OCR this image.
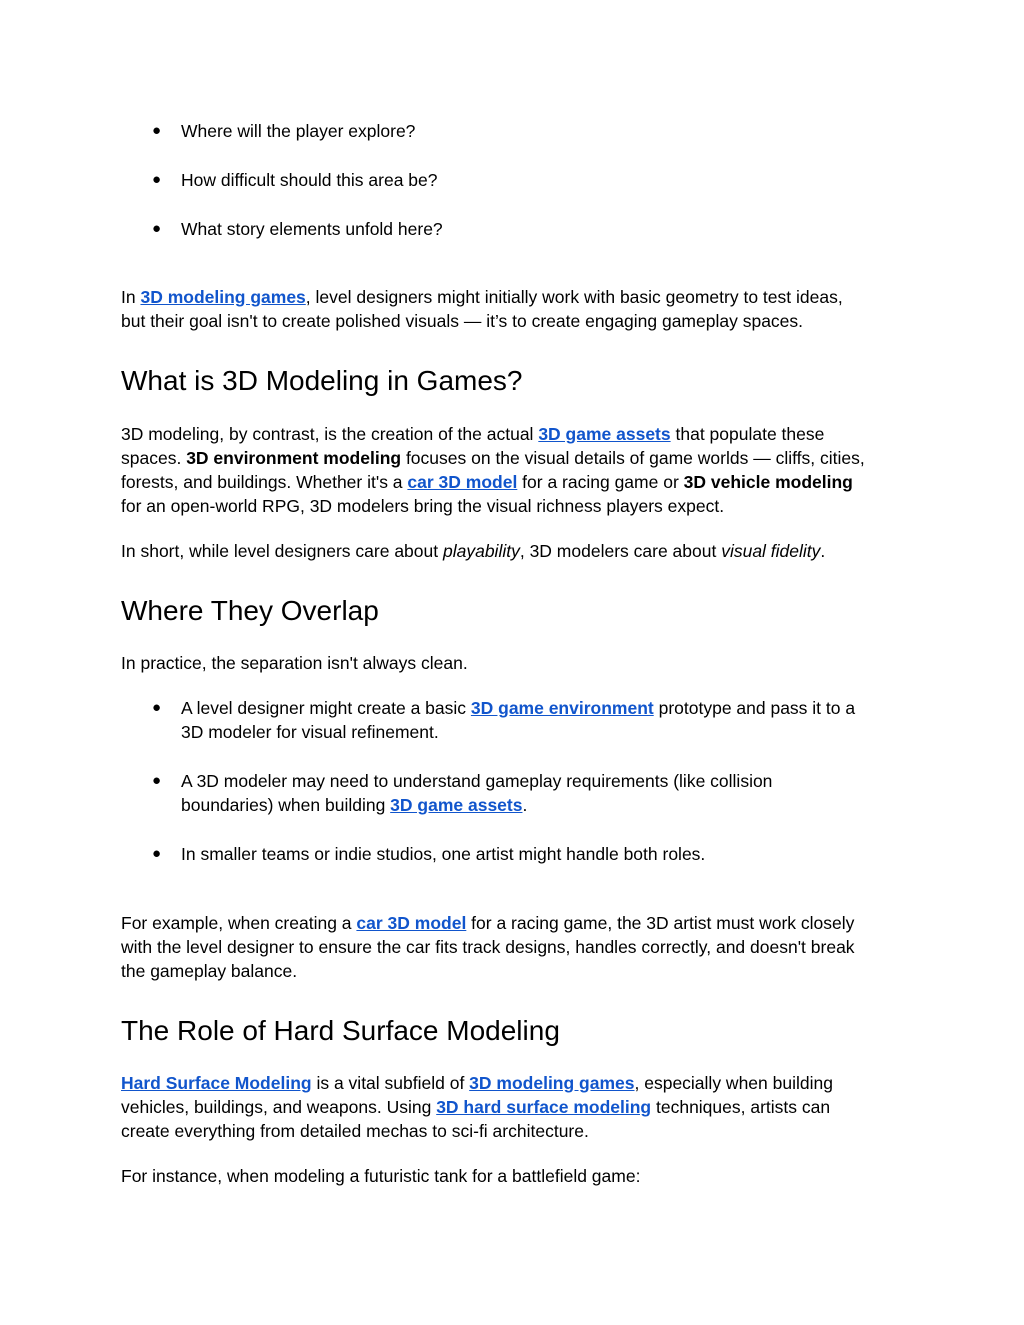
● Where will the player explore?
● How difficult should this area be?
● What story elements unfold here?
In 3D modeling games, level designers might initially work with basic geometry to test ideas,
but their goal isn't to create polished visuals — it’s to create engaging gameplay spaces.
What is 3D Modeling in Games?
3D modeling, by contrast, is the creation of the actual 3D game assets that populate these
spaces. 3D environment modeling focuses on the visual details of game worlds — cliffs, cities,
forests, and buildings. Whether it's a car 3D model for a racing game or 3D vehicle modeling
for an open-world RPG, 3D modelers bring the visual richness players expect.
In short, while level designers care about playability, 3D modelers care about visual fidelity.
Where They Overlap
In practice, the separation isn't always clean.
● A level designer might create a basic 3D game environment prototype and pass it to a
3D modeler for visual refinement.
● A 3D modeler may need to understand gameplay requirements (like collision
boundaries) when building 3D game assets.
● In smaller teams or indie studios, one artist might handle both roles.
For example, when creating a car 3D model for a racing game, the 3D artist must work closely
with the level designer to ensure the car fits track designs, handles correctly, and doesn't break
the gameplay balance.
The Role of Hard Surface Modeling
Hard Surface Modeling is a vital subfield of 3D modeling games, especially when building
vehicles, buildings, and weapons. Using 3D hard surface modeling techniques, artists can
create everything from detailed mechas to sci-fi architecture.
For instance, when modeling a futuristic tank for a battlefield game:
